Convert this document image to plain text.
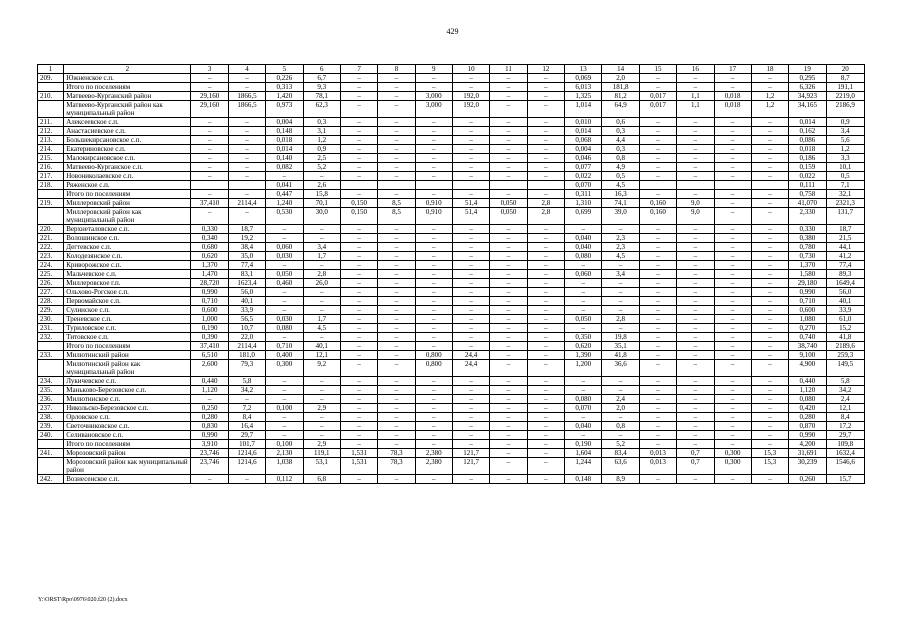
429
1	2	3	4	5	6	7	8	9	10	11	12	13	14	15	16	17	18	19	20
209.	Южненское с.п.	–	–	0,226	6,7	–	–	–	–	–	–	0,069	2,0	–	–	–	–	0,295	8,7
	Итого по поселениям	–	–	0,313	9,3	–	–	–	–	–	–	6,013	181,8	–	–	–	–	6,326	191,1
210.	Матвеево-Курганский район	29,160	1866,5	1,420	78,1	–	–	3,000	192,0	–	–	1,325	81,2	0,017	1,1	0,018	1,2	34,923	2219,0
	Матвеево-Курганский район как муниципальный район	29,160	1866,5	0,973	62,3	–	–	3,000	192,0	–	–	1,014	64,9	0,017	1,1	0,018	1,2	34,165	2186,9
211.	Алексеевское с.п.	–	–	0,004	0,3	–	–	–	–	–	–	0,010	0,6	–	–	–	–	0,014	0,9
212.	Анастасиевское с.п.	–	–	0,148	3,1	–	–	–	–	–	–	0,014	0,3	–	–	–	–	0,162	3,4
213.	Большекирсановское с.п.	–	–	0,018	1,2	–	–	–	–	–	–	0,068	4,4	–	–	–	–	0,086	5,6
214.	Екатериновское с.п.	–	–	0,014	0,9	–	–	–	–	–	–	0,004	0,3	–	–	–	–	0,018	1,2
215.	Малокирсановское с.п.	–	–	0,140	2,5	–	–	–	–	–	–	0,046	0,8	–	–	–	–	0,186	3,3
216.	Матвеево-Курганское с.п.	–	–	0,082	5,2	–	–	–	–	–	–	0,077	4,9	–	–	–	–	0,159	10,1
217.	Новониколаевское с.п.	–	–	–	–	–	–	–	–	–	–	0,022	0,5	–	–	–	–	0,022	0,5
218.	Ряженское с.п.			0,041	2,6							0,070	4,5					0,111	7,1
	Итого по поселениям	–	–	0,447	15,8	–	–	–	–	–	–	0,311	16,3	–	–	–	–	0,758	32,1
219.	Миллеровский район	37,410	2114,4	1,240	70,1	0,150	8,5	0,910	51,4	0,050	2,8	1,310	74,1	0,160	9,0	–	–	41,070	2321,3
	Миллеровский район как муниципальный район	–	–	0,530	30,0	0,150	8,5	0,910	51,4	0,050	2,8	0,699	39,0	0,160	9,0	–	–	2,330	131,7
220.	Верхнеталовское с.п.	0,330	18,7	–	–	–	–	–	–	–	–	–	–	–	–	–	–	0,330	18,7
221.	Волошинское с.п.	0,340	19,2	–	–	–	–	–	–	–	–	0,040	2,3	–	–	–	–	0,380	21,5
222.	Дегтевское с.п.	0,680	38,4	0,060	3,4	–	–	–	–	–	–	0,040	2,3	–	–	–	–	0,780	44,1
223.	Колодезянское с.п.	0,620	35,0	0,030	1,7	–	–	–	–	–	–	0,080	4,5	–	–	–	–	0,730	41,2
224.	Криворожское с.п.	1,370	77,4	–	–	–	–	–	–	–	–	–	–	–	–	–	–	1,370	77,4
225.	Мальчевское с.п.	1,470	83,1	0,050	2,8	–	–	–	–	–	–	0,060	3,4	–	–	–	–	1,580	89,3
226.	Миллеровское г.п.	28,720	1623,4	0,460	26,0	–	–	–	–	–	–	–	–	–	–	–	–	29,180	1649,4
227.	Ольхово-Рогское с.п.	0,990	56,0	–	–	–	–	–	–	–	–	–	–	–	–	–	–	0,990	56,0
228.	Первомайское с.п.	0,710	40,1	–	–	–	–	–	–	–	–	–	–	–	–	–	–	0,710	40,1
229.	Сулинское с.п.	0,600	33,9	–	–	–	–	–	–	–	–	–	–	–	–	–	–	0,600	33,9
230.	Треневское с.п.	1,000	56,5	0,030	1,7	–	–	–	–	–	–	0,050	2,8	–	–	–	–	1,080	61,0
231.	Туриловское с.п.	0,190	10,7	0,080	4,5	–	–	–	–	–	–	–	–	–	–	–	–	0,270	15,2
232.	Титовское с.п.	0,390	22,0	–	–	–	–	–	–	–	–	0,350	19,8	–	–	–	–	0,740	41,8
	Итого по поселениям	37,410	2114,4	0,710	40,1	–	–	–	–	–	–	0,620	35,1	–	–	–	–	38,740	2189,6
233.	Милютинский район	6,510	181,0	0,400	12,1	–	–	0,800	24,4	–	–	1,390	41,8	–	–	–	–	9,100	259,3
	Милютинский район как муниципальный район	2,600	79,3	0,300	9,2	–	–	0,800	24,4	–	–	1,200	36,6	–	–	–	–	4,900	149,5
234.	Лукичевское с.п.	0,440	5,8	–	–	–	–	–	–	–	–	–	–	–	–	–	–	0,440	5,8
235.	Маньково-Березовское с.п.	1,120	34,2	–	–	–	–	–	–	–	–	–	–	–	–	–	–	1,120	34,2
236.	Милютинское с.п.	–	–	–	–	–	–	–	–	–	–	0,080	2,4	–	–	–	–	0,080	2,4
237.	Никольско-Березовское с.п.	0,250	7,2	0,100	2,9	–	–	–	–	–	–	0,070	2,0	–	–	–	–	0,420	12,1
238.	Орловское с.п.	0,280	8,4	–	–	–	–	–	–	–	–	–	–	–	–	–	–	0,280	8,4
239.	Светочниковское с.п.	0,830	16,4	–	–	–	–	–	–	–	–	0,040	0,8	–	–	–	–	0,870	17,2
240.	Селивановское с.п.	0,990	29,7	–	–	–	–	–	–	–	–	–	–	–	–	–	–	0,990	29,7
	Итого по поселениям	3,910	101,7	0,100	2,9	–	–	–	–	–	–	0,190	5,2	–	–	–	–	4,200	109,8
241.	Морозовский район	23,746	1214,6	2,130	119,1	1,531	78,3	2,380	121,7	–	–	1,604	83,4	0,013	0,7	0,300	15,3	31,691	1632,4
	Морозовский район как муниципальный район	23,746	1214,6	1,038	53,1	1,531	78,3	2,380	121,7	–	–	1,244	63,6	0,013	0,7	0,300	15,3	30,239	1546,6
242.	Вознесенское с.п.	–	–	0,112	6,8	–	–	–	–	–	–	0,148	8,9	–	–	–	–	0,260	15,7
Y:\ORST\Rpo\0976\020.f20 (2).docx
